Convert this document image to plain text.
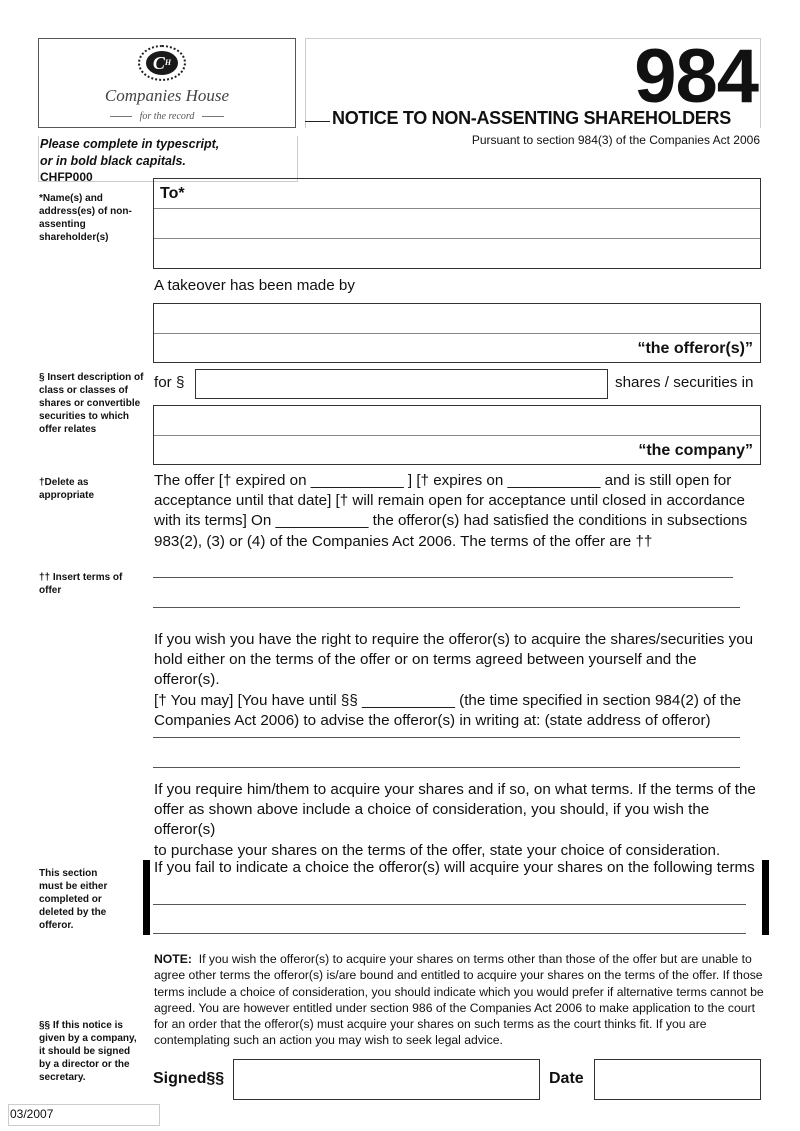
$C^H$
Companies House
for the record	984
NOTICE TO NON-ASSENTING SHAREHOLDERS
Pursuant to section 984(3) of the Companies Act 2006
Please complete in typescript,
or in bold black capitals.
CHFP000
*Name(s) and address(es) of non-assenting shareholder(s)
§ Insert description of class or classes of shares or convertible securities to which offer relates
†Delete as appropriate
†† Insert terms of offer
This section must be either completed or deleted by the offeror.
§§ If this notice is given by a company, it should be signed by a director or the secretary.
To*
A takeover has been made by
“the offeror(s)”
for §	shares / securities in
“the company”
The offer [† expired on ___________ ] [† expires on ___________ and is still open for
acceptance until that date] [† will remain open for acceptance until closed in accordance
with its terms] On ___________ the offeror(s) had satisfied the conditions in subsections
983(2), (3) or (4) of the Companies Act 2006. The terms of the offer are ††
If you wish you have the right to require the offeror(s) to acquire the shares/securities you
hold either on the terms of the offer or on terms agreed between yourself and the offeror(s).
[† You may] [You have until §§ ___________ (the time specified in section 984(2) of the
Companies Act 2006) to advise the offeror(s) in writing at: (state address of offeror)
If you require him/them to acquire your shares and if so, on what terms. If the terms of the
offer as shown above include a choice of consideration, you should, if you wish the offeror(s)
to purchase your shares on the terms of the offer, state your choice of consideration.
If you fail to indicate a choice the offeror(s) will acquire your shares on the following terms
NOTE: If you wish the offeror(s) to acquire your shares on terms other than those of the offer but are unable to agree other terms the offeror(s) is/are bound and entitled to acquire your shares on the terms of the offer. If those terms include a choice of consideration, you should indicate which you would prefer if alternative terms cannot be agreed. You are however entitled under section 986 of the Companies Act 2006 to make application to the court for an order that the offeror(s) must acquire your shares on such terms as the court thinks fit. If you are contemplating such an action you may wish to seek legal advice.
Signed§§	Date
03/2007
